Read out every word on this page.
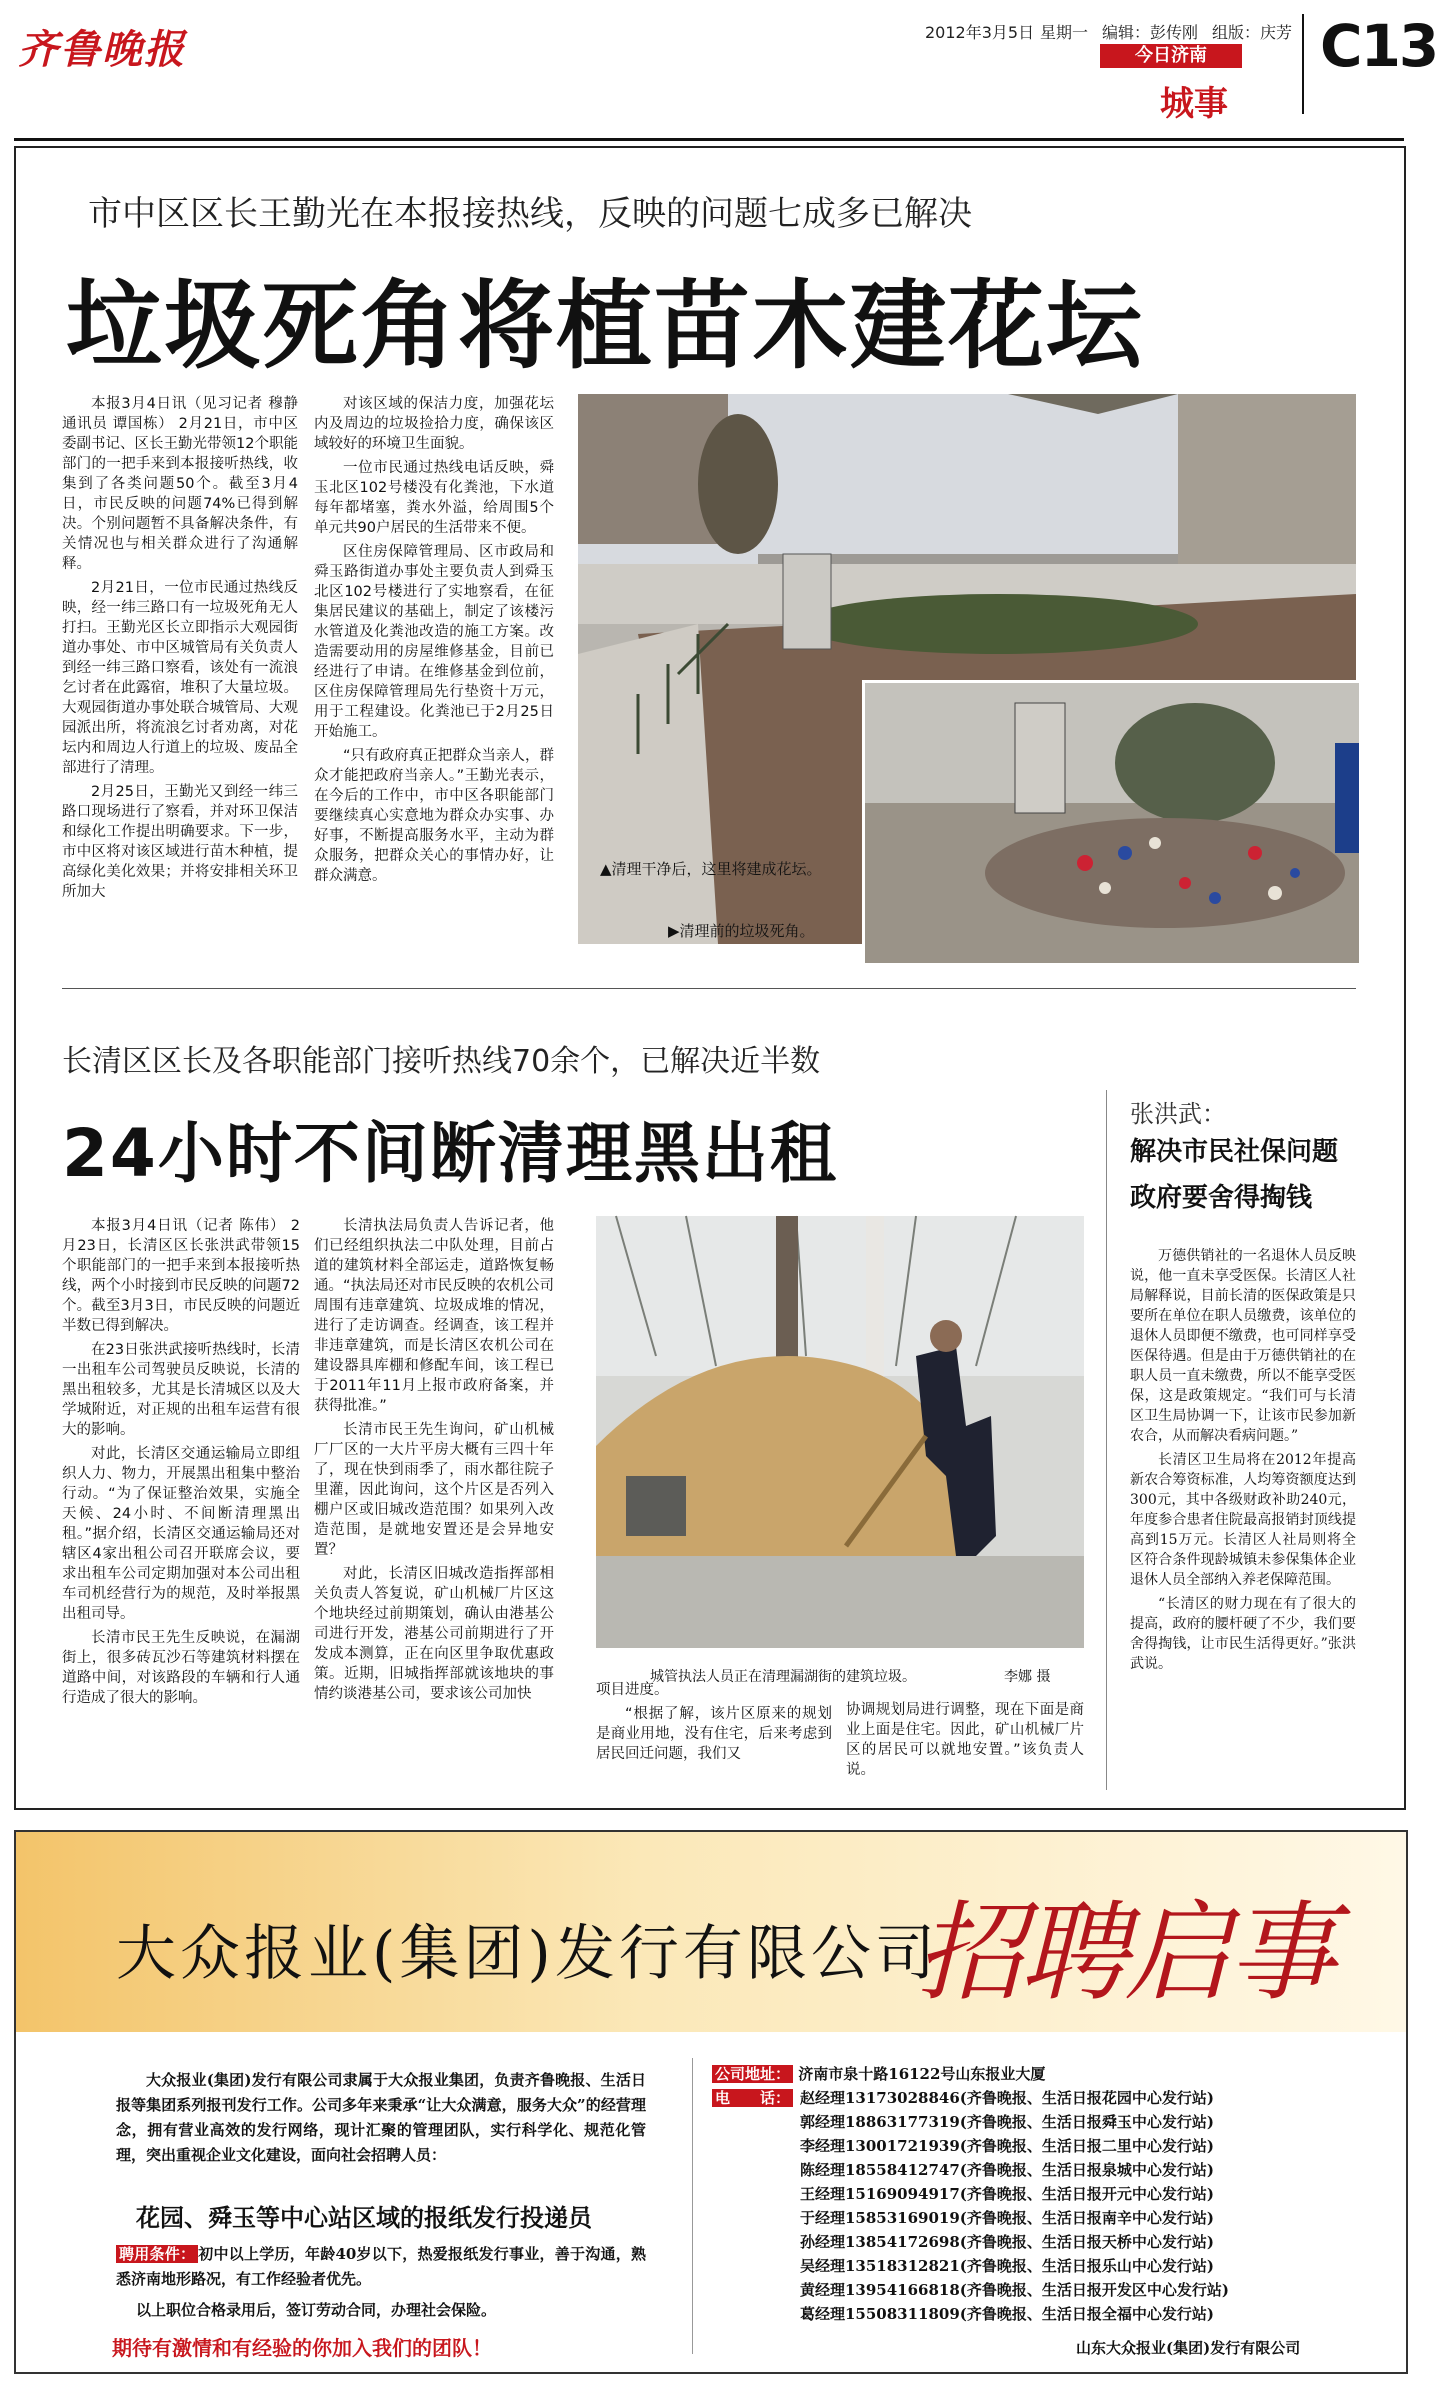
齐鲁晚报	2012年3月5日 星期一 编辑：彭传刚 组版：庆芳
今日济南
城事
C13
市中区区长王勤光在本报接热线，反映的问题七成多已解决
垃圾死角将植苗木建花坛

本报3月4日讯（见习记者 穆静 通讯员 谭国栋） 2月21日，市中区委副书记、区长王勤光带领12个职能部门的一把手来到本报接听热线，收集到了各类问题50个。截至3月4日，市民反映的问题74%已得到解决。个别问题暂不具备解决条件，有关情况也与相关群众进行了沟通解释。

2月21日，一位市民通过热线反映，经一纬三路口有一垃圾死角无人打扫。王勤光区长立即指示大观园街道办事处、市中区城管局有关负责人到经一纬三路口察看，该处有一流浪乞讨者在此露宿，堆积了大量垃圾。大观园街道办事处联合城管局、大观园派出所，将流浪乞讨者劝离，对花坛内和周边人行道上的垃圾、废品全部进行了清理。

2月25日，王勤光又到经一纬三路口现场进行了察看，并对环卫保洁和绿化工作提出明确要求。下一步，市中区将对该区域进行苗木种植，提高绿化美化效果；并将安排相关环卫所加大

对该区域的保洁力度，加强花坛内及周边的垃圾捡拾力度，确保该区域较好的环境卫生面貌。

一位市民通过热线电话反映，舜玉北区102号楼没有化粪池，下水道每年都堵塞，粪水外溢，给周围5个单元共90户居民的生活带来不便。

区住房保障管理局、区市政局和舜玉路街道办事处主要负责人到舜玉北区102号楼进行了实地察看，在征集居民建议的基础上，制定了该楼污水管道及化粪池改造的施工方案。改造需要动用的房屋维修基金，目前已经进行了申请。在维修基金到位前，区住房保障管理局先行垫资十万元，用于工程建设。化粪池已于2月25日开始施工。

“只有政府真正把群众当亲人，群众才能把政府当亲人。”王勤光表示，在今后的工作中，市中区各职能部门要继续真心实意地为群众办实事、办好事，不断提高服务水平，主动为群众服务，把群众关心的事情办好，让群众满意。	▲清理干净后，这里将建成花坛。
▶清理前的垃圾死角。
长清区区长及各职能部门接听热线70余个，已解决近半数
24小时不间断清理黑出租

本报3月4日讯（记者 陈伟） 2月23日，长清区区长张洪武带领15个职能部门的一把手来到本报接听热线，两个小时接到市民反映的问题72个。截至3月3日，市民反映的问题近半数已得到解决。

在23日张洪武接听热线时，长清一出租车公司驾驶员反映说，长清的黑出租较多，尤其是长清城区以及大学城附近，对正规的出租车运营有很大的影响。

对此，长清区交通运输局立即组织人力、物力，开展黑出租集中整治行动。“为了保证整治效果，实施全天候、24小时、不间断清理黑出租。”据介绍，长清区交通运输局还对辖区4家出租公司召开联席会议，要求出租车公司定期加强对本公司出租车司机经营行为的规范，及时举报黑出租司导。

长清市民王先生反映说，在漏湖街上，很多砖瓦沙石等建筑材料摆在道路中间，对该路段的车辆和行人通行造成了很大的影响。

长清执法局负责人告诉记者，他们已经组织执法二中队处理，目前占道的建筑材料全部运走，道路恢复畅通。“执法局还对市民反映的农机公司周围有违章建筑、垃圾成堆的情况，进行了走访调查。经调查，该工程并非违章建筑，而是长清区农机公司在建设器具库棚和修配车间，该工程已于2011年11月上报市政府备案，并获得批准。”

长清市民王先生询问，矿山机械厂厂区的一大片平房大概有三四十年了，现在快到雨季了，雨水都往院子里灌，因此询问，这个片区是否列入棚户区或旧城改造范围？如果列入改造范围，是就地安置还是会异地安置？

对此，长清区旧城改造指挥部相关负责人答复说，矿山机械厂片区这个地块经过前期策划，确认由港基公司进行开发，港基公司前期进行了开发成本测算，正在向区里争取优惠政策。近期，旧城指挥部就该地块的事情约谈港基公司，要求该公司加快

城管执法人员正在清理漏湖街的建筑垃圾。	李娜 摄

项目进度。

“根据了解，该片区原来的规划是商业用地，没有住宅，后来考虑到居民回迁问题，我们又

协调规划局进行调整，现在下面是商业上面是住宅。因此，矿山机械厂片区的居民可以就地安置。”该负责人说。

张洪武：
解决市民社保问题
政府要舍得掏钱

万德供销社的一名退休人员反映说，他一直未享受医保。长清区人社局解释说，目前长清的医保政策是只要所在单位在职人员缴费，该单位的退休人员即便不缴费，也可同样享受医保待遇。但是由于万德供销社的在职人员一直未缴费，所以不能享受医保，这是政策规定。“我们可与长清区卫生局协调一下，让该市民参加新农合，从而解决看病问题。”

长清区卫生局将在2012年提高新农合筹资标准，人均筹资额度达到300元，其中各级财政补助240元，年度参合患者住院最高报销封顶线提高到15万元。长清区人社局则将全区符合条件现龄城镇未参保集体企业退休人员全部纳入养老保障范围。

“长清区的财力现在有了很大的提高，政府的腰杆硬了不少，我们要舍得掏钱，让市民生活得更好。”张洪武说。

大众报业(集团)发行有限公司
招聘启事
大众报业(集团)发行有限公司隶属于大众报业集团，负责齐鲁晚报、生活日报等集团系列报刊发行工作。公司多年来秉承“让大众满意，服务大众”的经营理念，拥有营业高效的发行网络，现计汇聚的管理团队，实行科学化、规范化管理，突出重视企业文化建设，面向社会招聘人员：
花园、舜玉等中心站区域的报纸发行投递员
聘用条件： 初中以上学历，年龄40岁以下，热爱报纸发行事业，善于沟通，熟悉济南地形路况，有工作经验者优先。
以上职位合格录用后，签订劳动合同，办理社会保险。
期待有激情和有经验的你加入我们的团队！
公司地址： 济南市泉十路16122号山东报业大厦
电　　话： 赵经理13173028846(齐鲁晚报、生活日报花园中心发行站)
郭经理18863177319(齐鲁晚报、生活日报舜玉中心发行站)
李经理13001721939(齐鲁晚报、生活日报二里中心发行站)
陈经理18558412747(齐鲁晚报、生活日报泉城中心发行站)
王经理15169094917(齐鲁晚报、生活日报开元中心发行站)
于经理15853169019(齐鲁晚报、生活日报南辛中心发行站)
孙经理13854172698(齐鲁晚报、生活日报天桥中心发行站)
吴经理13518312821(齐鲁晚报、生活日报乐山中心发行站)
黄经理13954166818(齐鲁晚报、生活日报开发区中心发行站)
葛经理15508311809(齐鲁晚报、生活日报全福中心发行站)
山东大众报业(集团)发行有限公司
